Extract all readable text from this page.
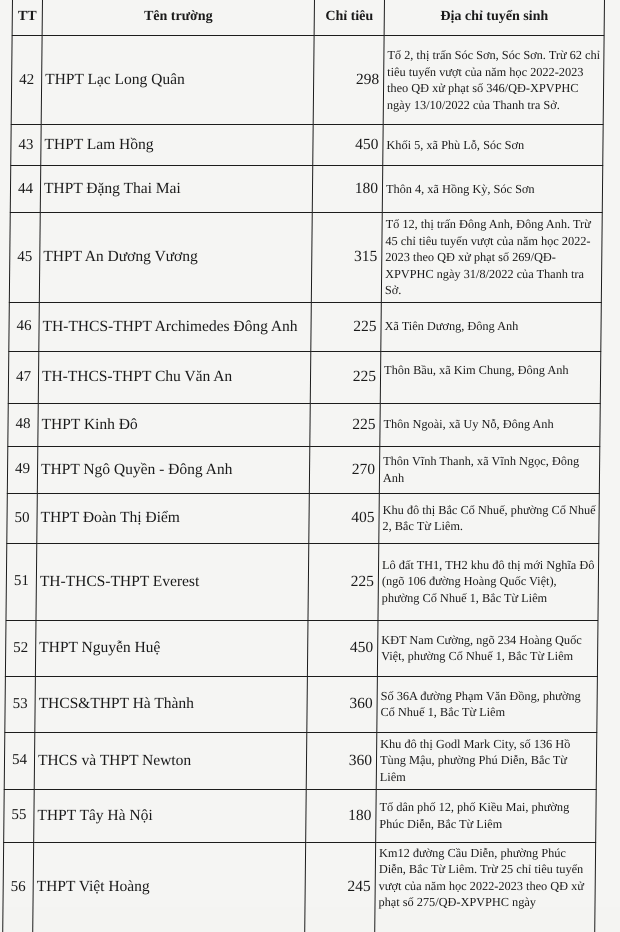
TT	Tên trường	Chỉ tiêu	Địa chỉ tuyển sinh
42	THPT Lạc Long Quân	298	Tổ 2, thị trấn Sóc Sơn, Sóc Sơn. Trừ 62 chỉ tiêu tuyển vượt của năm học 2022-2023 theo QĐ xử phạt số 346/QĐ-XPVPHC ngày 13/10/2022 của Thanh tra Sở.
43	THPT Lam Hồng	450	Khối 5, xã Phù Lỗ, Sóc Sơn
44	THPT Đặng Thai Mai	180	Thôn 4, xã Hồng Kỳ, Sóc Sơn
45	THPT An Dương Vương	315	Tổ 12, thị trấn Đông Anh, Đông Anh. Trừ 45 chỉ tiêu tuyển vượt của năm học 2022-2023 theo QĐ xử phạt số 269/QĐ-XPVPHC ngày 31/8/2022 của Thanh tra Sở.
46	TH-THCS-THPT Archimedes Đông Anh	225	Xã Tiên Dương, Đông Anh
47	TH-THCS-THPT Chu Văn An	225	Thôn Bầu, xã Kim Chung, Đông Anh
48	THPT Kinh Đô	225	Thôn Ngoài, xã Uy Nỗ, Đông Anh
49	THPT Ngô Quyền - Đông Anh	270	Thôn Vĩnh Thanh, xã Vĩnh Ngọc, Đông Anh
50	THPT Đoàn Thị Điểm	405	Khu đô thị Bắc Cổ Nhuế, phường Cổ Nhuế 2, Bắc Từ Liêm.
51	TH-THCS-THPT Everest	225	Lô đất TH1, TH2 khu đô thị mới Nghĩa Đô (ngõ 106 đường Hoàng Quốc Việt), phường Cổ Nhuế 1, Bắc Từ Liêm
52	THPT Nguyễn Huệ	450	KĐT Nam Cường, ngõ 234 Hoàng Quốc Việt, phường Cổ Nhuế 1, Bắc Từ Liêm
53	THCS&THPT Hà Thành	360	Số 36A đường Phạm Văn Đồng, phường Cổ Nhuế 1, Bắc Từ Liêm
54	THCS và THPT Newton	360	Khu đô thị Godl Mark City, số 136 Hồ Tùng Mậu, phường Phú Diễn, Bắc Từ Liêm
55	THPT Tây Hà Nội	180	Tổ dân phố 12, phố Kiều Mai, phường Phúc Diễn, Bắc Từ Liêm
56	THPT Việt Hoàng	245	Km12 đường Cầu Diễn, phường Phúc Diễn, Bắc Từ Liêm. Trừ 25 chỉ tiêu tuyển vượt của năm học 2022-2023 theo QĐ xử phạt số 275/QĐ-XPVPHC ngày
